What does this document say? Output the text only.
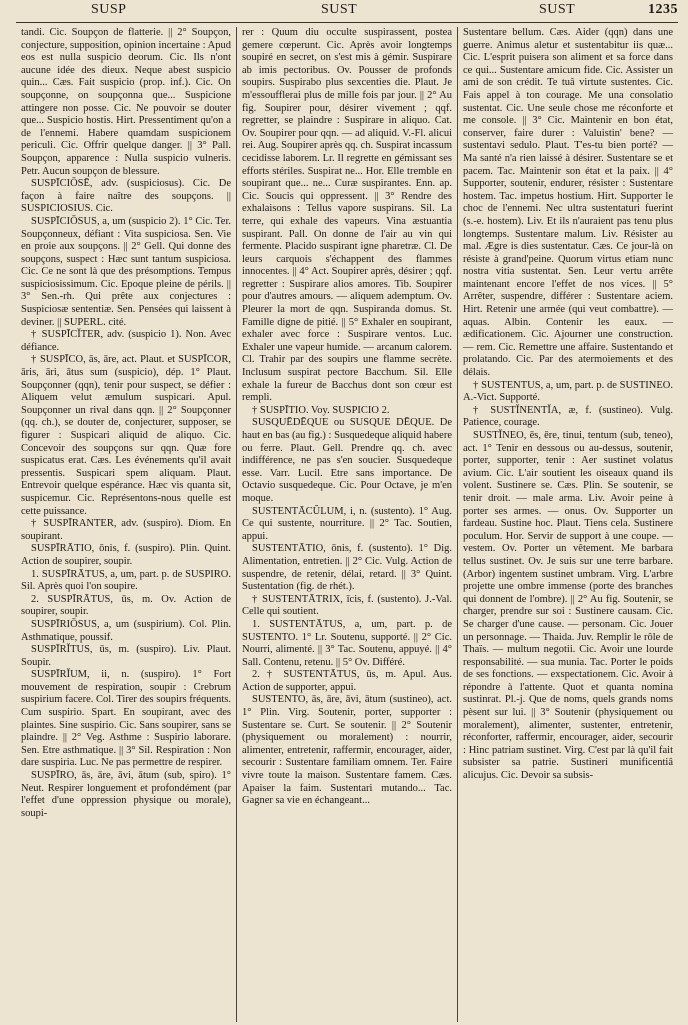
SUSP	SUST	SUST	1235

tandi. Cic. Soupçon de flatterie. || 2° Soupçon, conjecture, supposition, opinion incertaine : Apud eos est nulla suspicio deorum. Cic. Ils n'ont aucune idée des dieux. Neque abest suspicio quin... Cæs. Fait suspicio (prop. inf.). Cic. On soupçonne, on soupçonna que... Suspicione attingere non posse. Cic. Ne pouvoir se douter que... Suspicio hostis. Hirt. Pressentiment qu'on a de l'ennemi. Habere quamdam suspicionem periculi. Cic. Offrir quelque danger. || 3° Pall. Soupçon, apparence : Nulla suspicio vulneris. Petr. Aucun soupçon de blessure.

SUSPĪCIŌSĒ, adv. (suspiciosus). Cic. De façon à faire naître des soupçons. || SUSPICIOSIUS. Cic.

SUSPĪCIŌSUS, a, um (suspicio 2). 1° Cic. Ter. Soupçonneux, défiant : Vita suspiciosa. Sen. Vie en proie aux soupçons. || 2° Gell. Qui donne des soupçons, suspect : Hæc sunt tantum suspiciosa. Cic. Ce ne sont là que des présomptions. Tempus suspiciosissimum. Cic. Epoque pleine de périls. || 3° Sen.-rh. Qui prête aux conjectures : Suspiciosæ sententiæ. Sen. Pensées qui laissent à deviner. || SUPERL. cité.

† SUSPĪCĬTER, adv. (suspicio 1). Non. Avec défiance.

† SUSPĪCO, ās, āre, act. Plaut. et SUSPĪCOR, āris, āri, ātus sum (suspicio), dép. 1° Plaut. Soupçonner (qqn), tenir pour suspect, se défier : Aliquem velut æmulum suspicari. Apul. Soupçonner un rival dans qqn. || 2° Soupçonner (qq. ch.), se douter de, conjecturer, supposer, se figurer : Suspicari aliquid de aliquo. Cic. Concevoir des soupçons sur qqn. Quæ fore suspicatus erat. Cæs. Les événements qu'il avait pressentis. Suspicari spem aliquam. Plaut. Entrevoir quelque espérance. Hæc vis quanta sit, suspicemur. Cic. Représentons-nous quelle est cette puissance.

† SUSPĪRANTER, adv. (suspiro). Diom. En soupirant.

SUSPĪRĀTIO, ōnis, f. (suspiro). Plin. Quint. Action de soupirer, soupir.

1. SUSPĪRĀTUS, a, um, part. p. de SUSPIRO. Sil. Après quoi l'on soupire.

2. SUSPĪRĀTUS, ūs, m. Ov. Action de soupirer, soupir.

SUSPĪRIŌSUS, a, um (suspirium). Col. Plin. Asthmatique, poussif.

SUSPĪRĬTUS, ūs, m. (suspiro). Liv. Plaut. Soupir.

SUSPĪRĬUM, ii, n. (suspiro). 1° Fort mouvement de respiration, soupir : Crebrum suspirium facere. Col. Tirer des soupirs fréquents. Cum suspirio. Spart. En soupirant, avec des plaintes. Sine suspirio. Cic. Sans soupirer, sans se plaindre. || 2° Veg. Asthme : Suspirio laborare. Sen. Etre asthmatique. || 3° Sil. Respiration : Non dare suspiria. Luc. Ne pas permettre de respirer.

SUSPĪRO, ās, āre, āvi, ātum (sub, spiro). 1° Neut. Respirer longuement et profondément (par l'effet d'une oppression physique ou morale), soupi-

rer : Quum diu occulte suspirassent, postea gemere cœperunt. Cic. Après avoir longtemps soupiré en secret, on s'est mis à gémir. Suspirare ab imis pectoribus. Ov. Pousser de profonds soupirs. Suspirabo plus sexcenties die. Plaut. Je m'essoufflerai plus de mille fois par jour. || 2° Au fig. Soupirer pour, désirer vivement ; qqf. regretter, se plaindre : Suspirare in aliquo. Cat. Ov. Soupirer pour qqn. — ad aliquid. V.-Fl. alicui rei. Aug. Soupirer après qq. ch. Suspirat incassum cecidisse laborem. Lr. Il regrette en gémissant ses efforts stériles. Suspirat ne... Hor. Elle tremble en soupirant que... ne... Curæ suspirantes. Enn. ap. Cic. Soucis qui oppressent. || 3° Rendre des exhalaisons : Tellus vapore suspirans. Sil. La terre, qui exhale des vapeurs. Vina æstuantia suspirant. Pall. On donne de l'air au vin qui fermente. Placido suspirant igne pharetræ. Cl. De leurs carquois s'échappent des flammes innocentes. || 4° Act. Soupirer après, désirer ; qqf. regretter : Suspirare alios amores. Tib. Soupirer pour d'autres amours. — aliquem ademptum. Ov. Pleurer la mort de qqn. Suspiranda domus. St. Famille digne de pitié. || 5° Exhaler en soupirant, exhaler avec force : Suspirare ventos. Luc. Exhaler une vapeur humide. — arcanum calorem. Cl. Trahir par des soupirs une flamme secrète. Inclusum suspirat pectore Bacchum. Sil. Elle exhale la fureur de Bacchus dont son cœur est rempli.

† SUSPĪTIO. Voy. SUSPICIO 2.

SUSQUĒDĒQUE ou SUSQUE DĒQUE. De haut en bas (au fig.) : Susquedeque aliquid habere ou ferre. Plaut. Gell. Prendre qq. ch. avec indifférence, ne pas s'en soucier. Susquedeque esse. Varr. Lucil. Etre sans importance. De Octavio susquedeque. Cic. Pour Octave, je m'en moque.

SUSTENTĀCŬLUM, i, n. (sustento). 1° Aug. Ce qui sustente, nourriture. || 2° Tac. Soutien, appui.

SUSTENTĀTIO, ōnis, f. (sustento). 1° Dig. Alimentation, entretien. || 2° Cic. Vulg. Action de suspendre, de retenir, délai, retard. || 3° Quint. Sustentation (fig. de rhét.).

† SUSTENTĀTRIX, īcis, f. (sustento). J.-Val. Celle qui soutient.

1. SUSTENTĀTUS, a, um, part. p. de SUSTENTO. 1° Lr. Soutenu, supporté. || 2° Cic. Nourri, alimenté. || 3° Tac. Soutenu, appuyé. || 4° Sall. Contenu, retenu. || 5° Ov. Différé.

2. † SUSTENTĀTUS, ūs, m. Apul. Aus. Action de supporter, appui.

SUSTENTO, ās, āre, āvi, ātum (sustineo), act. 1° Plin. Virg. Soutenir, porter, supporter : Sustentare se. Curt. Se soutenir. || 2° Soutenir (physiquement ou moralement) : nourrir, alimenter, entretenir, raffermir, encourager, aider, secourir : Sustentare familiam omnem. Ter. Faire vivre toute la maison. Sustentare famem. Cæs. Apaiser la faim. Sustentari mutando... Tac. Gagner sa vie en échangeant...

Sustentare bellum. Cæs. Aider (qqn) dans une guerre. Animus aletur et sustentabitur iis quæ... Cic. L'esprit puisera son aliment et sa force dans ce qui... Sustentare amicum fide. Cic. Assister un ami de son crédit. Te tuâ virtute sustentes. Cic. Fais appel à ton courage. Me una consolatio sustentat. Cic. Une seule chose me réconforte et me console. || 3° Cic. Maintenir en bon état, conserver, faire durer : Valuistin' bene? — sustentavi sedulo. Plaut. T'es-tu bien porté? — Ma santé n'a rien laissé à désirer. Sustentare se et pacem. Tac. Maintenir son état et la paix. || 4° Supporter, soutenir, endurer, résister : Sustentare hostem. Tac. impetus hostium. Hirt. Supporter le choc de l'ennemi. Nec ultra sustentaturi fuerint (s.-e. hostem). Liv. Et ils n'auraient pas tenu plus longtemps. Sustentare malum. Liv. Résister au mal. Ægre is dies sustentatur. Cæs. Ce jour-là on résiste à grand'peine. Quorum virtus etiam nunc nostra vitia sustentat. Sen. Leur vertu arrête maintenant encore l'effet de nos vices. || 5° Arrêter, suspendre, différer : Sustentare aciem. Hirt. Retenir une armée (qui veut combattre). — aquas. Albin. Contenir les eaux. — ædificationem. Cic. Ajourner une construction. — rem. Cic. Remettre une affaire. Sustentando et prolatando. Cic. Par des atermoiements et des délais.

† SUSTENTUS, a, um, part. p. de SUSTINEO. A.-Vict. Supporté.

† SUSTĬNENTĬA, æ, f. (sustineo). Vulg. Patience, courage.

SUSTĬNEO, ēs, ēre, tinui, tentum (sub, teneo), act. 1° Tenir en dessous ou au-dessus, soutenir, porter, supporter, tenir : Aer sustinet volatus avium. Cic. L'air soutient les oiseaux quand ils volent. Sustinere se. Cæs. Plin. Se soutenir, se tenir droit. — male arma. Liv. Avoir peine à porter ses armes. — onus. Ov. Supporter un fardeau. Sustine hoc. Plaut. Tiens cela. Sustinere poculum. Hor. Servir de support à une coupe. — vestem. Ov. Porter un vêtement. Me barbara tellus sustinet. Ov. Je suis sur une terre barbare. (Arbor) ingentem sustinet umbram. Virg. L'arbre projette une ombre immense (porte des branches qui donnent de l'ombre). || 2° Au fig. Soutenir, se charger, prendre sur soi : Sustinere causam. Cic. Se charger d'une cause. — personam. Cic. Jouer un personnage. — Thaida. Juv. Remplir le rôle de Thaïs. — multum negotii. Cic. Avoir une lourde responsabilité. — sua munia. Tac. Porter le poids de ses fonctions. — exspectationem. Cic. Avoir à répondre à l'attente. Quot et quanta nomina sustinrat. Pl.-j. Que de noms, quels grands noms pèsent sur lui. || 3° Soutenir (physiquement ou moralement), alimenter, sustenter, entretenir, réconforter, raffermir, encourager, aider, secourir : Hinc patriam sustinet. Virg. C'est par là qu'il fait subsister sa patrie. Sustineri munificentiâ alicujus. Cic. Devoir sa subsis-
